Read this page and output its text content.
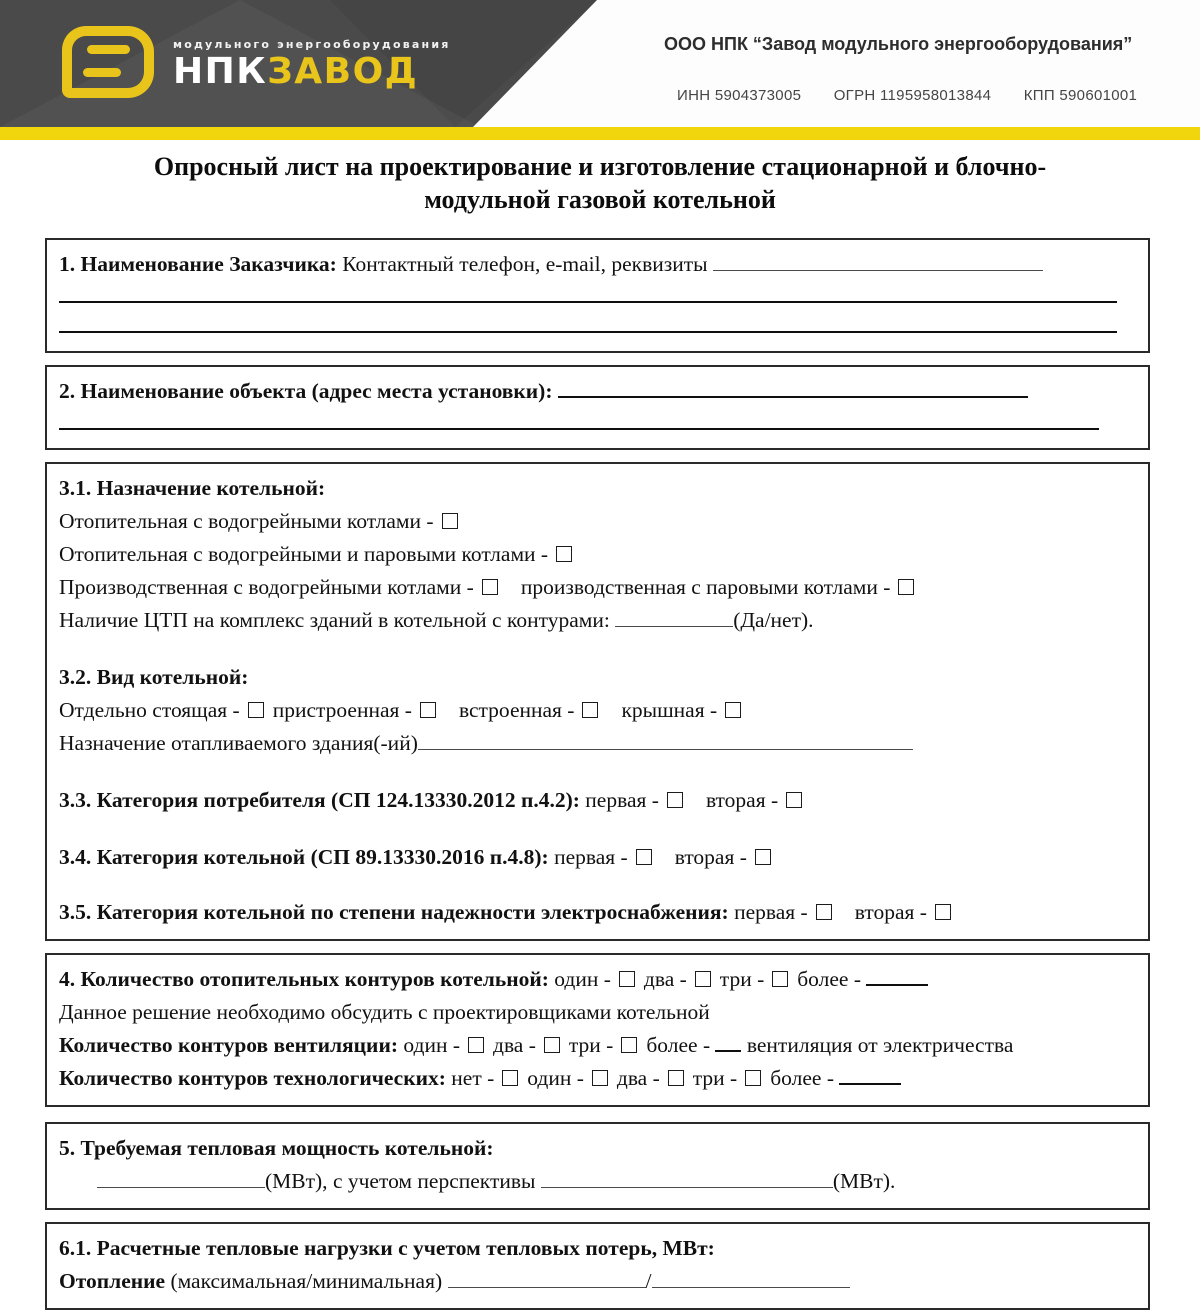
модульного энергооборудования
НПКЗАВОД
ООО НПК “Завод модульного энергооборудования”
ИНН 5904373005 ОГРН 1195958013844 КПП 590601001
Опросный лист на проектирование и изготовление стационарной и блочно-
модульной газовой котельной

1. Наименование Заказчика: Контактный телефон, e-mail, реквизиты

2. Наименование объекта (адрес места установки):

3.1. Назначение котельной:

Отопительная с водогрейными котлами -

Отопительная с водогрейными и паровыми котлами -

Производственная с водогрейными котлами - производственная с паровыми котлами -

Наличие ЦТП на комплекс зданий в котельной с контурами:	(Да/нет).

3.2. Вид котельной:

Отдельно стоящая - пристроенная - встроенная - крышная -

Назначение отапливаемого здания(-ий)

3.3. Категория потребителя (СП 124.13330.2012 п.4.2): первая - вторая -

3.4. Категория котельной (СП 89.13330.2016 п.4.8): первая - вторая -

3.5. Категория котельной по степени надежности электроснабжения: первая - вторая -

4. Количество отопительных контуров котельной: один - два - три - более -

Данное решение необходимо обсудить с проектировщиками котельной

Количество контуров вентиляции: один - два - три - более - вентиляция от электричества

Количество контуров технологических: нет - один - два - три - более -

5. Требуемая тепловая мощность котельной:

(МВт), с учетом перспективы	(МВт).

6.1. Расчетные тепловые нагрузки с учетом тепловых потерь, МВт:

Отопление (максимальная/минимальная)	/
